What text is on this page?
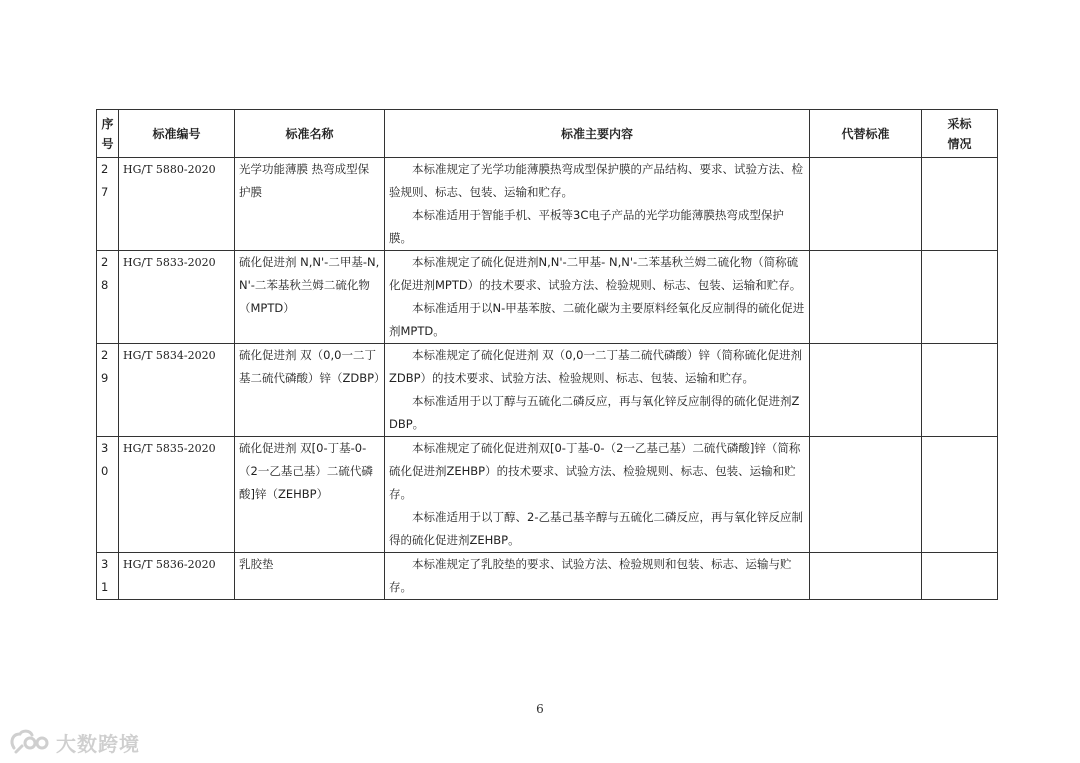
序号	标准编号	标准名称	标准主要内容	代替标准	采标情况
27	HG/T 5880-2020	光学功能薄膜 热弯成型保护膜	本标准规定了光学功能薄膜热弯成型保护膜的产品结构、要求、试验方法、检验规则、标志、包装、运输和贮存。

本标准适用于智能手机、平板等3C电子产品的光学功能薄膜热弯成型保护膜。		

28	HG/T 5833-2020	硫化促进剂 N,N'-二甲基-N,N'-二苯基秋兰姆二硫化物（MPTD）	本标准规定了硫化促进剂N,N'-二甲基- N,N'-二苯基秋兰姆二硫化物（简称硫化促进剂MPTD）的技术要求、试验方法、检验规则、标志、包装、运输和贮存。

本标准适用于以N-甲基苯胺、二硫化碳为主要原料经氧化反应制得的硫化促进剂MPTD。		

29	HG/T 5834-2020	硫化促进剂 双（0,0一二丁基二硫代磷酸）锌（ZDBP）	本标准规定了硫化促进剂 双（0,0一二丁基二硫代磷酸）锌（简称硫化促进剂ZDBP）的技术要求、试验方法、检验规则、标志、包装、运输和贮存。

本标准适用于以丁醇与五硫化二磷反应，再与氧化锌反应制得的硫化促进剂ZDBP。		

30	HG/T 5835-2020	硫化促进剂 双[0-丁基-0-（2一乙基己基）二硫代磷酸]锌（ZEHBP）	本标准规定了硫化促进剂双[0-丁基-0-（2一乙基己基）二硫代磷酸]锌（简称硫化促进剂ZEHBP）的技术要求、试验方法、检验规则、标志、包装、运输和贮存。

本标准适用于以丁醇、2-乙基己基辛醇与五硫化二磷反应，再与氧化锌反应制得的硫化促进剂ZEHBP。		

31	HG/T 5836-2020	乳胶垫	本标准规定了乳胶垫的要求、试验方法、检验规则和包装、标志、运输与贮存。		

6
大数跨境
